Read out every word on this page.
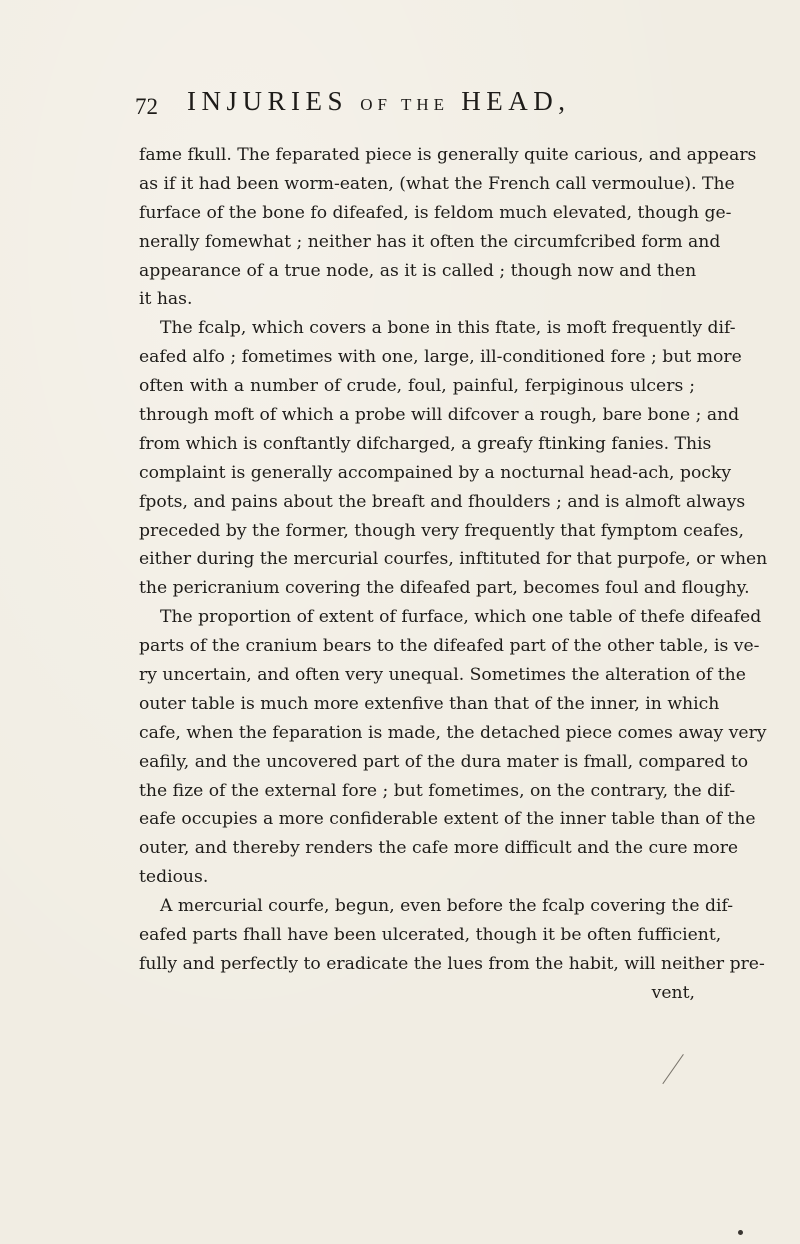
72 INJURIES OF THE HEAD,
fame fkull. The feparated piece is generally quite carious, and appears
as if it had been worm-eaten, (what the French call vermoulue). The
furface of the bone fo difeafed, is feldom much elevated, though ge-
nerally fomewhat ; neither has it often the circumfcribed form and
appearance of a true node, as it is called ; though now and then
it has.
The fcalp, which covers a bone in this ftate, is moft frequently dif-
eafed alfo ; fometimes with one, large, ill-conditioned fore ; but more
often with a number of crude, foul, painful, ferpiginous ulcers ;
through moft of which a probe will difcover a rough, bare bone ; and
from which is conftantly difcharged, a greafy ftinking fanies. This
complaint is generally accompained by a nocturnal head-ach, pocky
fpots, and pains about the breaft and fhoulders ; and is almoft always
preceded by the former, though very frequently that fymptom ceafes,
either during the mercurial courfes, inftituted for that purpofe, or when
the pericranium covering the difeafed part, becomes foul and floughy.
The proportion of extent of furface, which one table of thefe difeafed
parts of the cranium bears to the difeafed part of the other table, is ve-
ry uncertain, and often very unequal. Sometimes the alteration of the
outer table is much more extenfive than that of the inner, in which
cafe, when the feparation is made, the detached piece comes away very
eafily, and the uncovered part of the dura mater is fmall, compared to
the fize of the external fore ; but fometimes, on the contrary, the dif-
eafe occupies a more confiderable extent of the inner table than of the
outer, and thereby renders the cafe more difficult and the cure more
tedious.
A mercurial courfe, begun, even before the fcalp covering the dif-
eafed parts fhall have been ulcerated, though it be often fufficient,
fully and perfectly to eradicate the lues from the habit, will neither pre-
vent,
